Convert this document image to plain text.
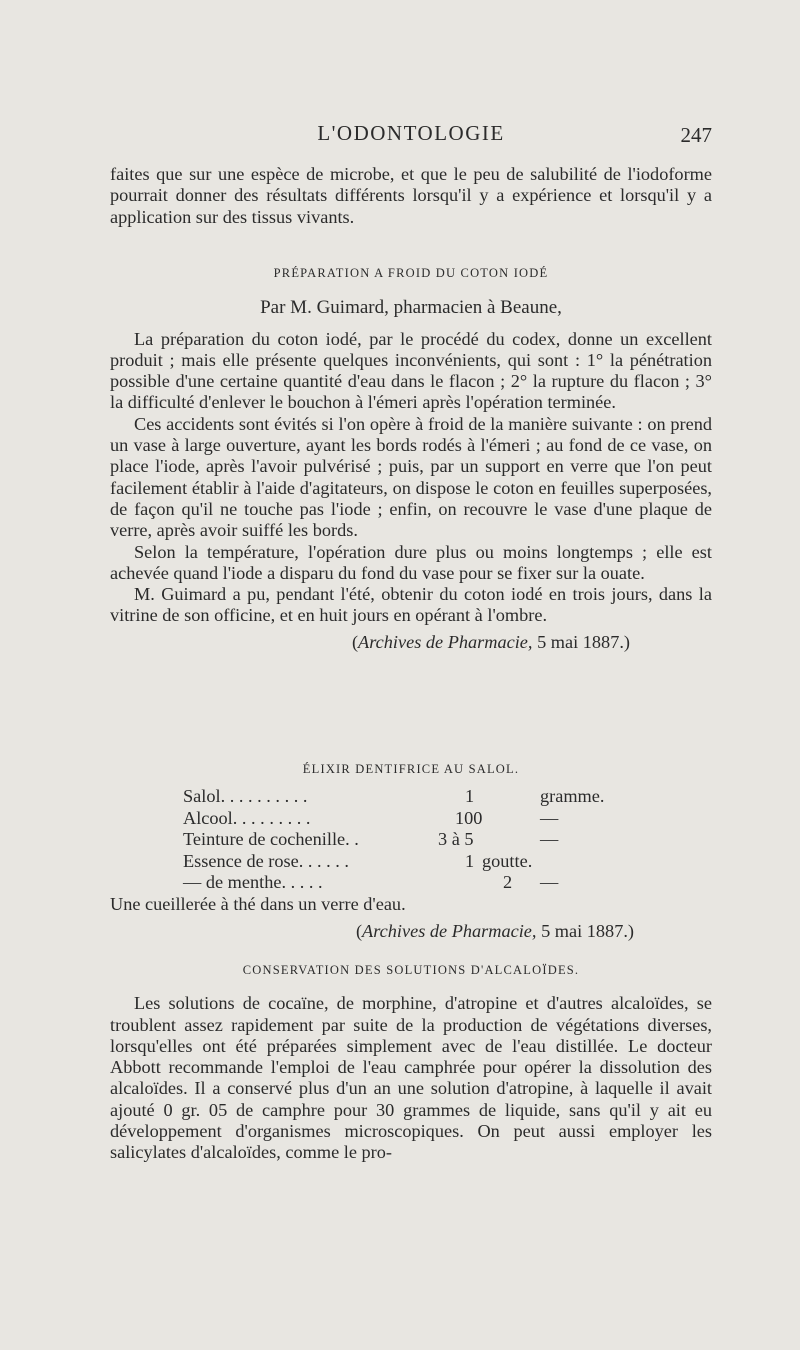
L'ODONTOLOGIE	247

faites que sur une espèce de microbe, et que le peu de salubilité de l'iodoforme pourrait donner des résultats différents lorsqu'il y a expérience et lorsqu'il y a application sur des tissus vivants.

PRÉPARATION A FROID DU COTON IODÉ

Par M. Guimard, pharmacien à Beaune,

La préparation du coton iodé, par le procédé du codex, donne un excellent produit ; mais elle présente quelques inconvénients, qui sont : 1° la pénétration possible d'une certaine quantité d'eau dans le flacon ; 2° la rupture du flacon ; 3° la difficulté d'enlever le bouchon à l'émeri après l'opération terminée.

Ces accidents sont évités si l'on opère à froid de la manière suivante : on prend un vase à large ouverture, ayant les bords rodés à l'émeri ; au fond de ce vase, on place l'iode, après l'avoir pulvérisé ; puis, par un support en verre que l'on peut facilement établir à l'aide d'agitateurs, on dispose le coton en feuilles superposées, de façon qu'il ne touche pas l'iode ; enfin, on recouvre le vase d'une plaque de verre, après avoir suiffé les bords.

Selon la température, l'opération dure plus ou moins longtemps ; elle est achevée quand l'iode a disparu du fond du vase pour se fixer sur la ouate.

M. Guimard a pu, pendant l'été, obtenir du coton iodé en trois jours, dans la vitrine de son officine, et en huit jours en opérant à l'ombre.

(Archives de Pharmacie, 5 mai 1887.)

ÉLIXIR DENTIFRICE AU SALOL.

Salol. . . . . . . . . .	1	gramme.
Alcool. . . . . . . . .	100	—
Teinture de cochenille. .	3 à 5	—
Essence de rose. . . . . .	1 goutte.
— de menthe. . . . .	2 —

Une cueillerée à thé dans un verre d'eau.

(Archives de Pharmacie, 5 mai 1887.)

CONSERVATION DES SOLUTIONS D'ALCALOÏDES.

Les solutions de cocaïne, de morphine, d'atropine et d'autres alcaloïdes, se troublent assez rapidement par suite de la production de végétations diverses, lorsqu'elles ont été préparées simplement avec de l'eau distillée. Le docteur Abbott recommande l'emploi de l'eau camphrée pour opérer la dissolution des alcaloïdes. Il a conservé plus d'un an une solution d'atropine, à laquelle il avait ajouté 0 gr. 05 de camphre pour 30 grammes de liquide, sans qu'il y ait eu développement d'organismes microscopiques. On peut aussi employer les salicylates d'alcaloïdes, comme le pro-
